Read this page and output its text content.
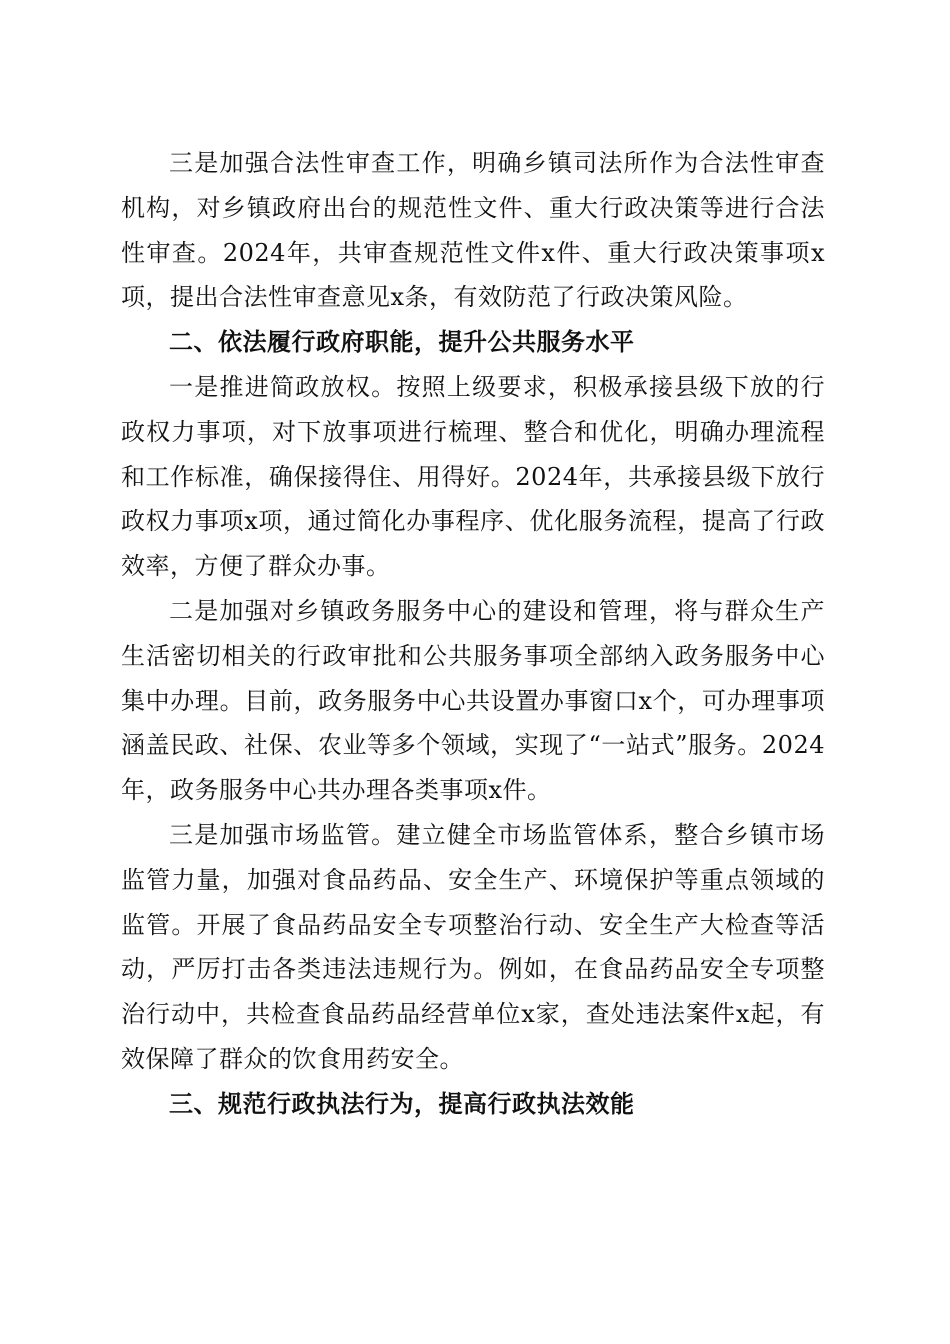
三是加强合法性审查工作，明确乡镇司法所作为合法性审查机构，对乡镇政府出台的规范性文件、重大行政决策等进行合法性审查。2024年，共审查规范性文件x件、重大行政决策事项x项，提出合法性审查意见x条，有效防范了行政决策风险。

二、依法履行政府职能，提升公共服务水平

一是推进简政放权。按照上级要求，积极承接县级下放的行政权力事项，对下放事项进行梳理、整合和优化，明确办理流程和工作标准，确保接得住、用得好。2024年，共承接县级下放行政权力事项x项，通过简化办事程序、优化服务流程，提高了行政效率，方便了群众办事。

二是加强对乡镇政务服务中心的建设和管理，将与群众生产生活密切相关的行政审批和公共服务事项全部纳入政务服务中心集中办理。目前，政务服务中心共设置办事窗口x个，可办理事项涵盖民政、社保、农业等多个领域，实现了“一站式”服务。2024年，政务服务中心共办理各类事项x件。

三是加强市场监管。建立健全市场监管体系，整合乡镇市场监管力量，加强对食品药品、安全生产、环境保护等重点领域的监管。开展了食品药品安全专项整治行动、安全生产大检查等活动，严厉打击各类违法违规行为。例如，在食品药品安全专项整治行动中，共检查食品药品经营单位x家，查处违法案件x起，有效保障了群众的饮食用药安全。

三、规范行政执法行为，提高行政执法效能
